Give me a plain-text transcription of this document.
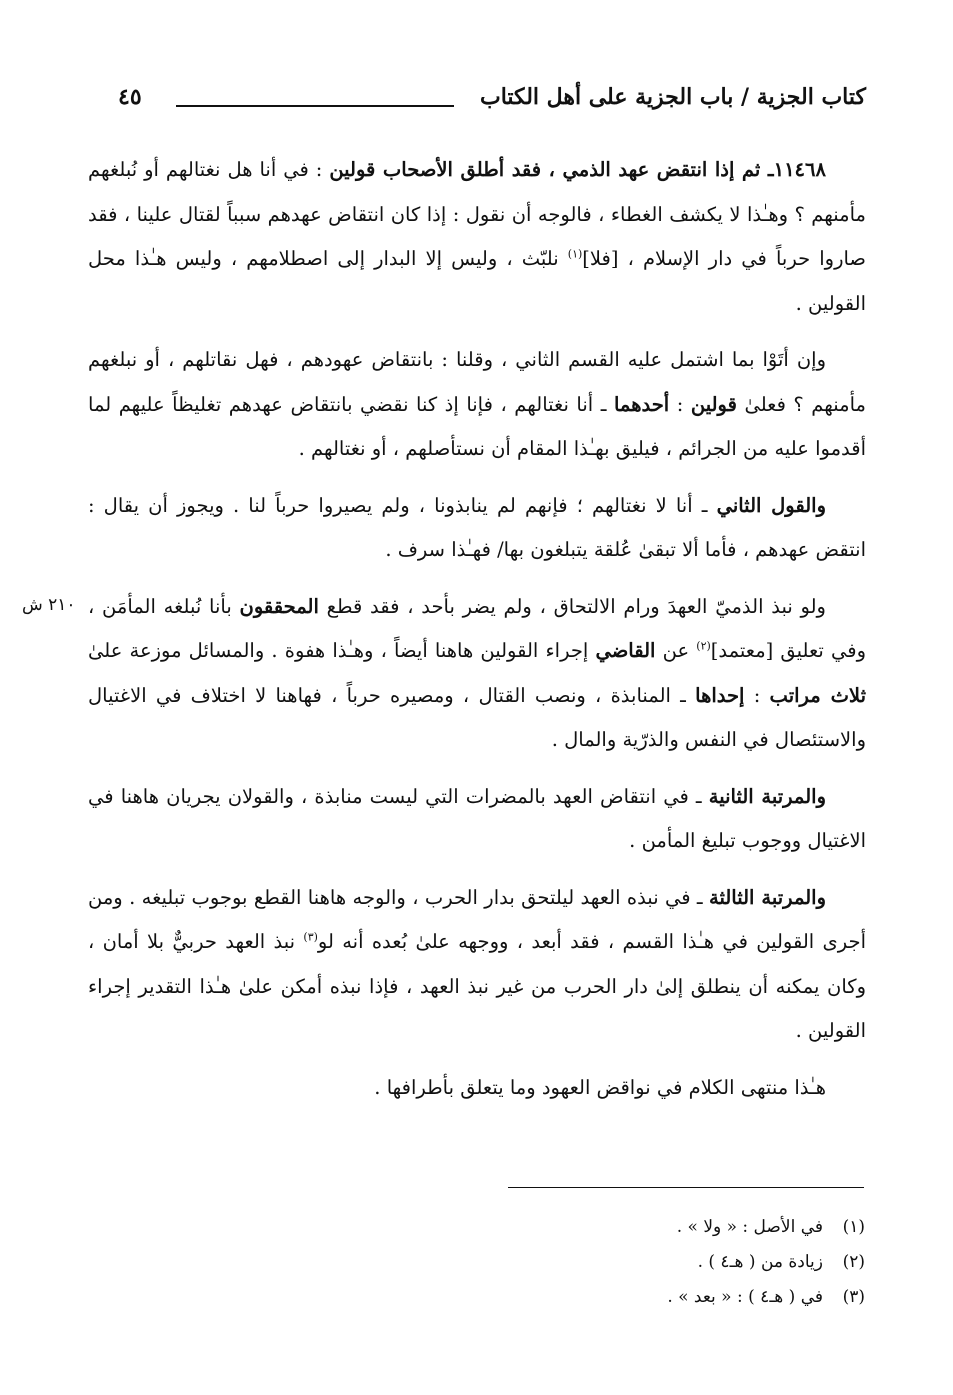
كتاب الجزية / باب الجزية على أهل الكتاب
٤٥

١١٤٦٨ـ ثم إذا انتقض عهد الذمي ، فقد أطلق الأصحاب قولين : في أنا هل نغتالهم أو نُبلغهم مأمنهم ؟ وهـٰذا لا يكشف الغطاء ، فالوجه أن نقول : إذا كان انتقاض عهدهم سبباً لقتال علينا ، فقد صاروا حرباً في دار الإسلام ، [فلا]$^{(١)}$ نلبّث ، وليس إلا البدار إلى اصطلامهم ، وليس هـٰذا محل القولين .

وإن أتَوْا بما اشتمل عليه القسم الثاني ، وقلنا : بانتقاض عهودهم ، فهل نقاتلهم ، أو نبلغهم مأمنهم ؟ فعلىٰ قولين : أحدهما ـ أنا نغتالهم ، فإنا إذ كنا نقضي بانتقاض عهدهم تغليظاً عليهم لما أقدموا عليه من الجرائم ، فيليق بهـٰذا المقام أن نستأصلهم ، أو نغتالهم .

والقول الثاني ـ أنا لا نغتالهم ؛ فإنهم لم ينابذونا ، ولم يصيروا حرباً لنا . ويجوز أن يقال : انتقض عهدهم ، فأما ألا تبقىٰ عُلقة يتبلغون بها/ فهـٰذا سرف .

ولو نبذ الذميّ العهدَ ورام الالتحاق ، ولم يضر بأحد ، فقد قطع المحققون بأنا نُبلغه المأمَن ، وفي تعليق [معتمد]$^{(٢)}$ عن القاضي إجراء القولين هاهنا أيضاً ، وهـٰذا هفوة . والمسائل موزعة علىٰ ثلاث مراتب : إحداها ـ المنابذة ، ونصب القتال ، ومصيره حرباً ، فهاهنا لا اختلاف في الاغتيال والاستئصال في النفس والذرّية والمال .

والمرتبة الثانية ـ في انتقاض العهد بالمضرات التي ليست منابذة ، والقولان يجريان هاهنا في الاغتيال ووجوب تبليغ المأمن .

والمرتبة الثالثة ـ في نبذه العهد ليلتحق بدار الحرب ، والوجه هاهنا القطع بوجوب تبليغه . ومن أجرى القولين في هـٰذا القسم ، فقد أبعد ، ووجهه علىٰ بُعده أنه لو$^{(٣)}$ نبذ العهد حربيٌّ بلا أمان ، وكان يمكنه أن ينطلق إلىٰ دار الحرب من غير نبذ العهد ، فإذا نبذه أمكن علىٰ هـٰذا التقدير إجراء القولين .

هـٰذا منتهى الكلام في نواقض العهود وما يتعلق بأطرافها .

٢١٠ ش
(١)في الأصل : « ولا » .
(٢)زيادة من ( هـ٤ ) .
(٣)في ( هـ٤ ) : « بعد » .
